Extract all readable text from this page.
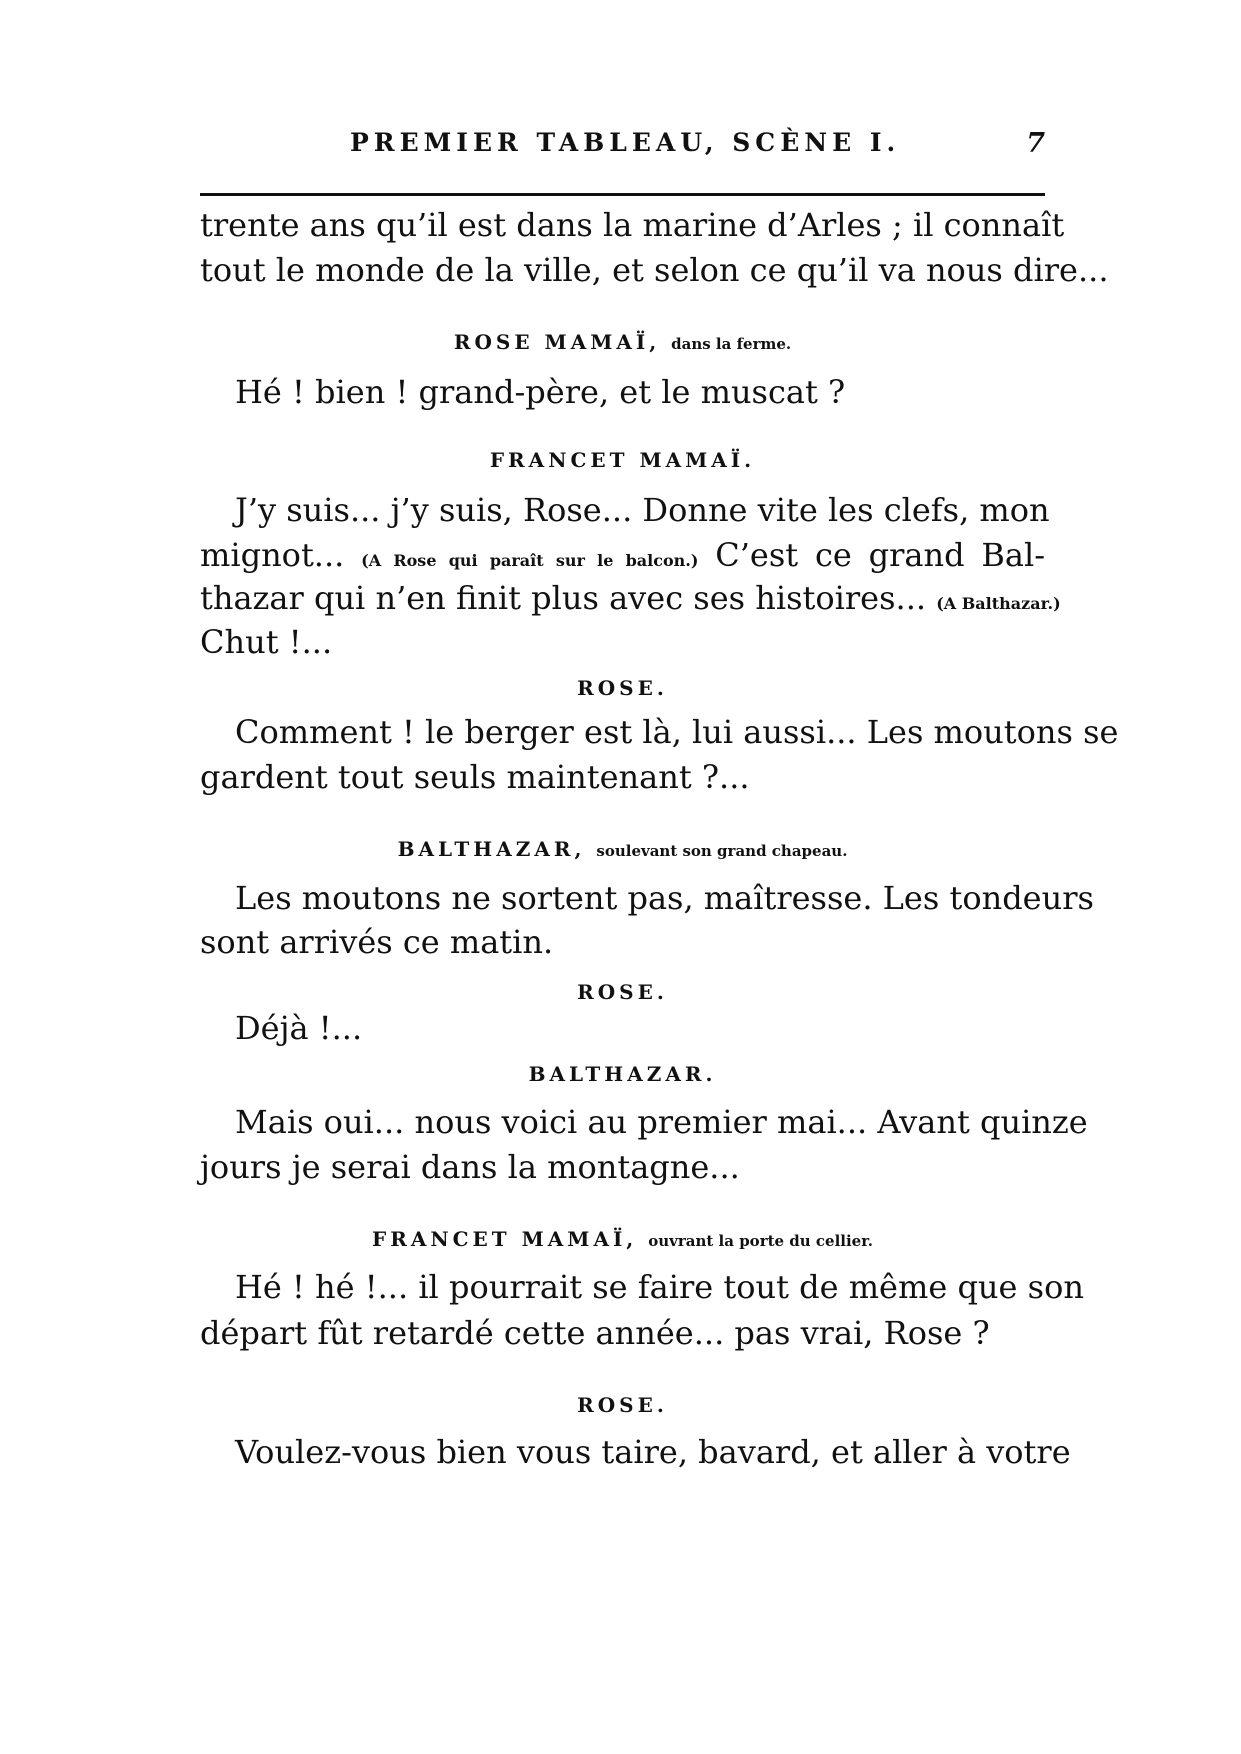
PREMIER TABLEAU, SCÈNE I.	7
trente ans qu’il est dans la marine d’Arles ; il connaît
tout le monde de la ville, et selon ce qu’il va nous dire...
ROSE MAMAÏ, dans la ferme.
Hé ! bien ! grand-père, et le muscat ?
FRANCET MAMAÏ.
J’y suis... j’y suis, Rose... Donne vite les clefs, mon
mignot... (A Rose qui paraît sur le balcon.) C’est ce grand Bal-
thazar qui n’en finit plus avec ses histoires... (A Balthazar.)
Chut !...
ROSE.
Comment ! le berger est là, lui aussi... Les moutons se
gardent tout seuls maintenant ?...
BALTHAZAR, soulevant son grand chapeau.
Les moutons ne sortent pas, maîtresse. Les tondeurs
sont arrivés ce matin.
ROSE.
Déjà !...
BALTHAZAR.
Mais oui... nous voici au premier mai... Avant quinze
jours je serai dans la montagne...
FRANCET MAMAÏ, ouvrant la porte du cellier.
Hé ! hé !... il pourrait se faire tout de même que son
départ fût retardé cette année... pas vrai, Rose ?
ROSE.
Voulez-vous bien vous taire, bavard, et aller à votre
